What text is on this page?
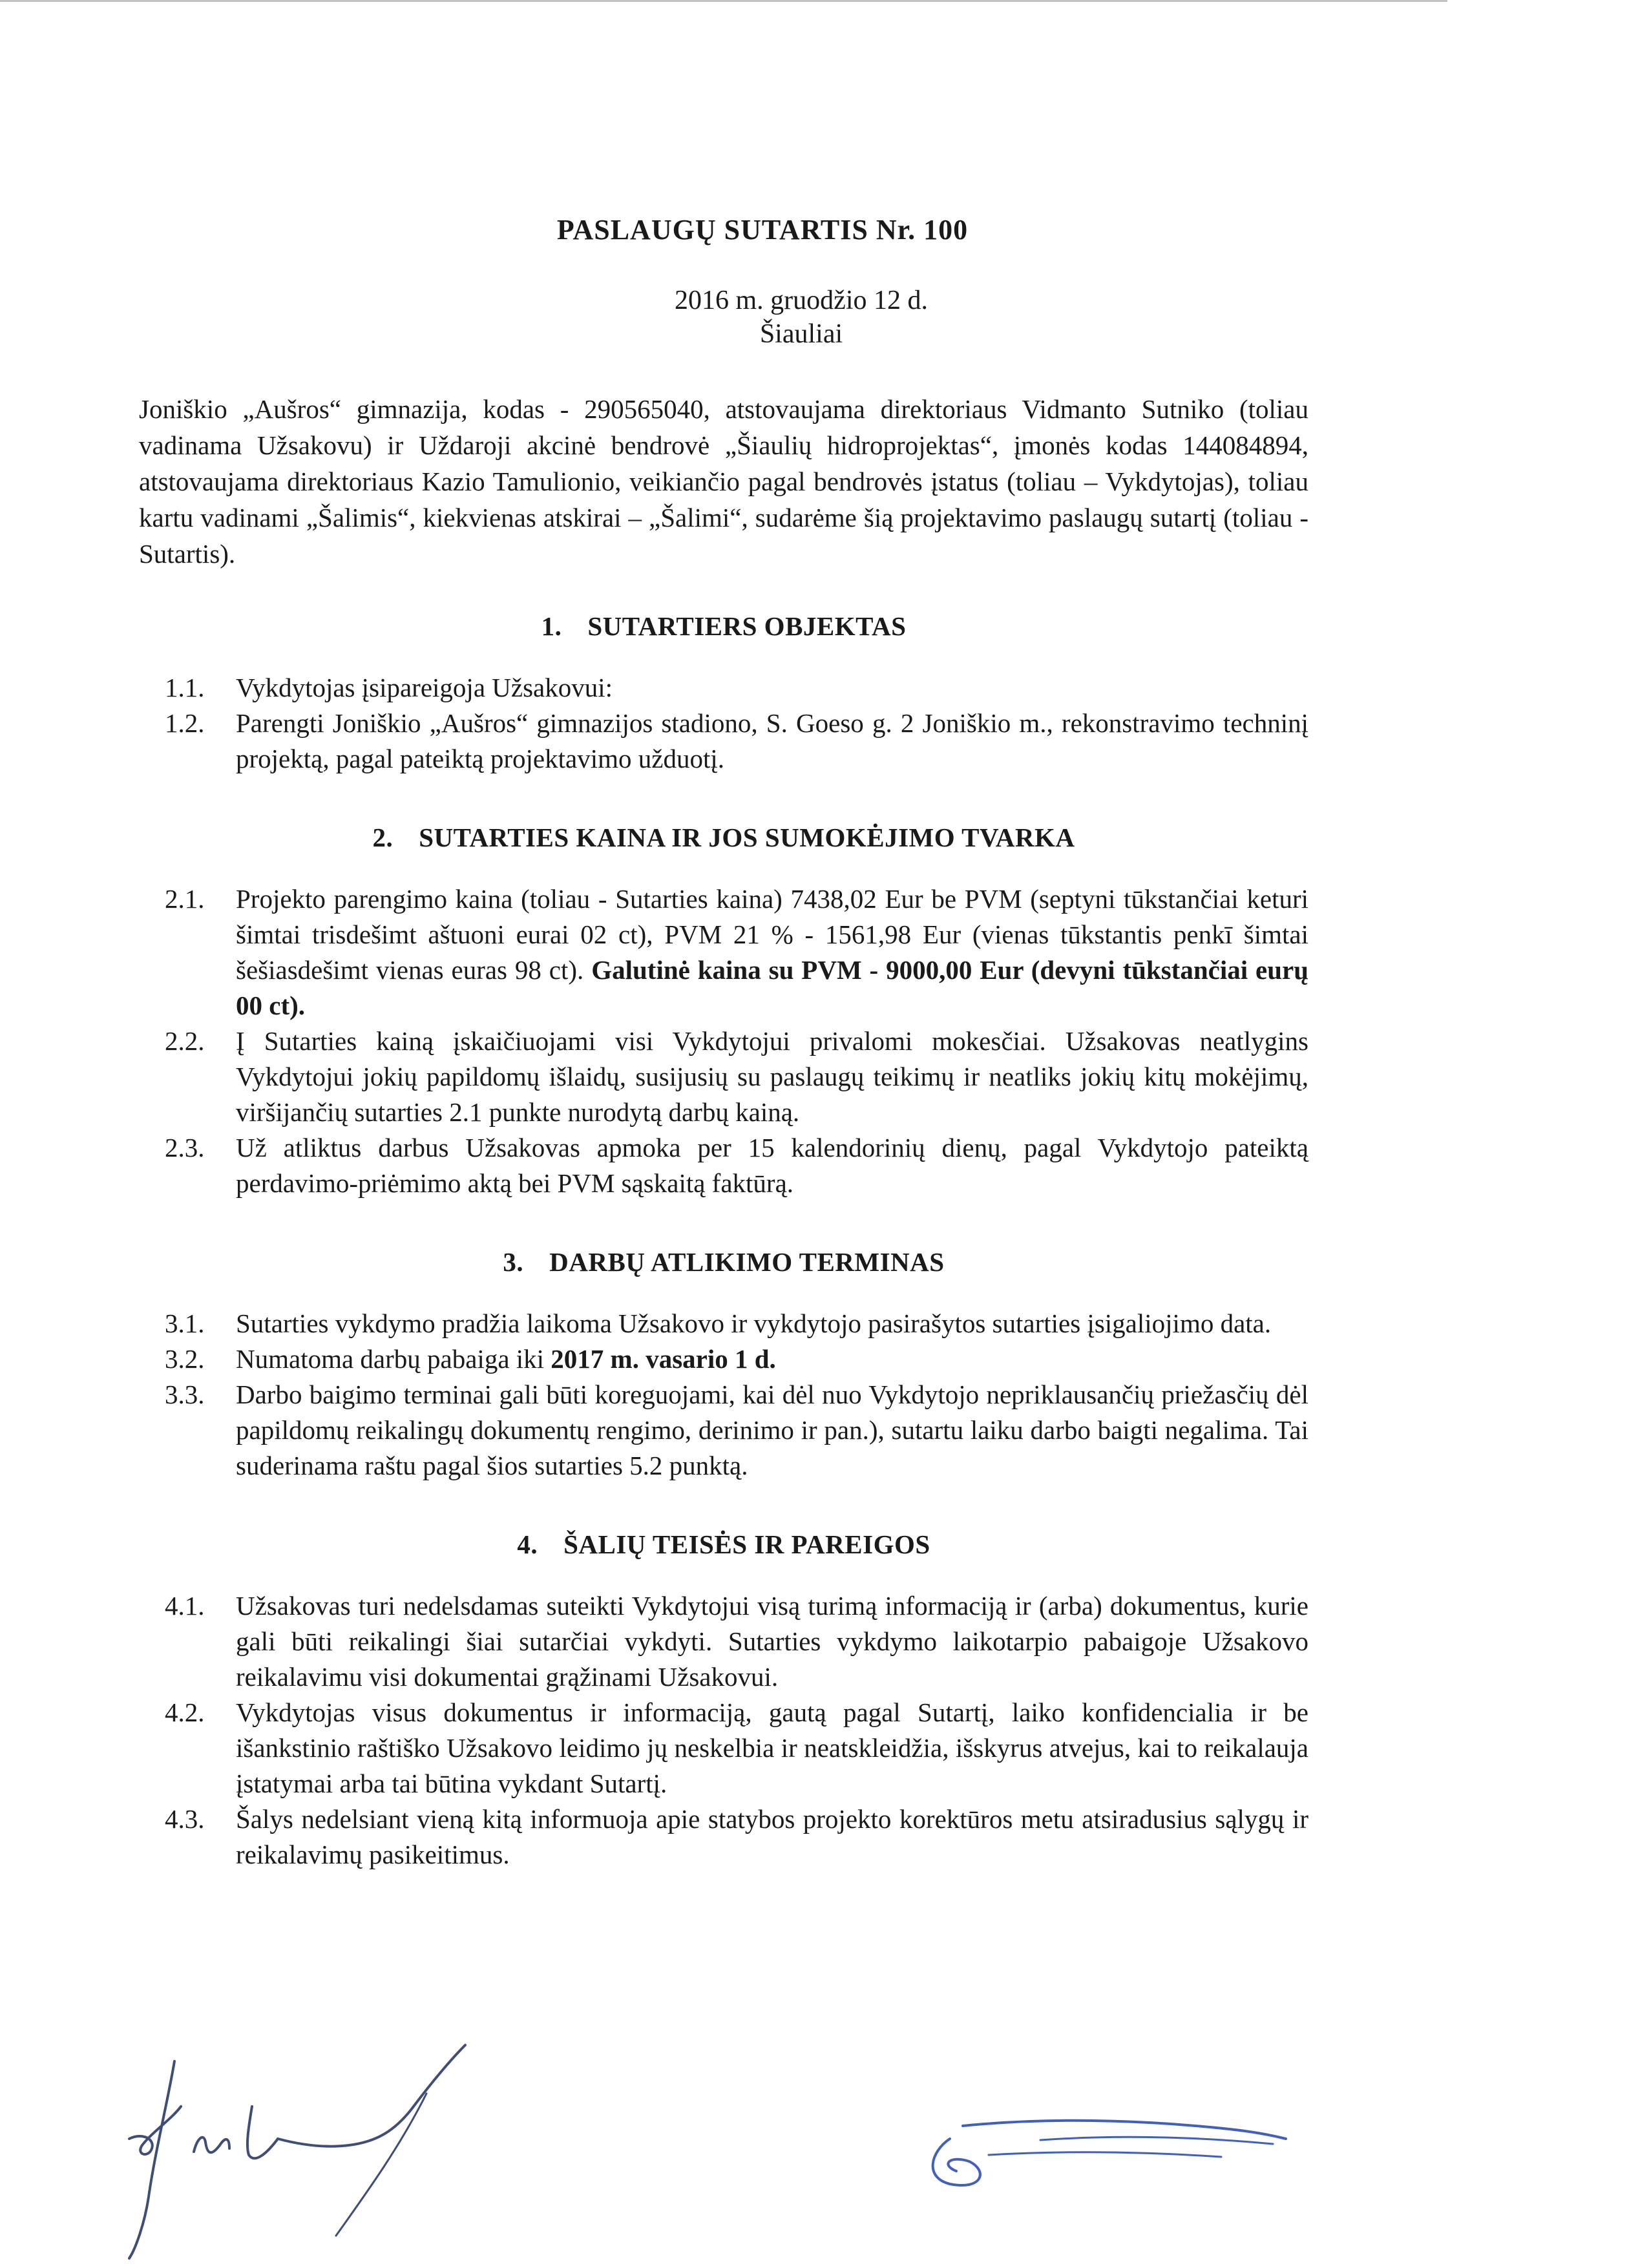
PASLAUGŲ SUTARTIS Nr. 100
2016 m. gruodžio 12 d.
Šiauliai

Joniškio „Aušros“ gimnazija, kodas - 290565040, atstovaujama direktoriaus Vidmanto Sutniko (toliau vadinama Užsakovu) ir Uždaroji akcinė bendrovė „Šiaulių hidroprojektas“, įmonės kodas 144084894, atstovaujama direktoriaus Kazio Tamulionio, veikiančio pagal bendrovės įstatus (toliau – Vykdytojas), toliau kartu vadinami „Šalimis“, kiekvienas atskirai – „Šalimi“, sudarėme šią projektavimo paslaugų sutartį (toliau -Sutartis).

1. SUTARTIERS OBJEKTAS
1.1.	Vykdytojas įsipareigoja Užsakovui:
1.2.	Parengti Joniškio „Aušros“ gimnazijos stadiono, S. Goeso g. 2 Joniškio m., rekonstravimo techninį projektą, pagal pateiktą projektavimo užduotį.
2. SUTARTIES KAINA IR JOS SUMOKĖJIMO TVARKA
2.1.	Projekto parengimo kaina (toliau - Sutarties kaina) 7438,02 Eur be PVM (septyni tūkstančiai keturi šimtai trisdešimt aštuoni eurai 02 ct), PVM 21 % - 1561,98 Eur (vienas tūkstantis penkī šimtai šešiasdešimt vienas euras 98 ct). Galutinė kaina su PVM - 9000,00 Eur (devyni tūkstančiai eurų 00 ct).
2.2.	Į Sutarties kainą įskaičiuojami visi Vykdytojui privalomi mokesčiai. Užsakovas neatlygins Vykdytojui jokių papildomų išlaidų, susijusių su paslaugų teikimų ir neatliks jokių kitų mokėjimų, viršijančių sutarties 2.1 punkte nurodytą darbų kainą.
2.3.	Už atliktus darbus Užsakovas apmoka per 15 kalendorinių dienų, pagal Vykdytojo pateiktą perdavimo-priėmimo aktą bei PVM sąskaitą faktūrą.
3. DARBŲ ATLIKIMO TERMINAS
3.1.	Sutarties vykdymo pradžia laikoma Užsakovo ir vykdytojo pasirašytos sutarties įsigaliojimo data.
3.2.	Numatoma darbų pabaiga iki 2017 m. vasario 1 d.
3.3.	Darbo baigimo terminai gali būti koreguojami, kai dėl nuo Vykdytojo nepriklausančių priežasčių dėl papildomų reikalingų dokumentų rengimo, derinimo ir pan.), sutartu laiku darbo baigti negalima. Tai suderinama raštu pagal šios sutarties 5.2 punktą.
4. ŠALIŲ TEISĖS IR PAREIGOS
4.1.	Užsakovas turi nedelsdamas suteikti Vykdytojui visą turimą informaciją ir (arba) dokumentus, kurie gali būti reikalingi šiai sutarčiai vykdyti. Sutarties vykdymo laikotarpio pabaigoje Užsakovo reikalavimu visi dokumentai grąžinami Užsakovui.
4.2.	Vykdytojas visus dokumentus ir informaciją, gautą pagal Sutartį, laiko konfidencialia ir be išankstinio raštiško Užsakovo leidimo jų neskelbia ir neatskleidžia, išskyrus atvejus, kai to reikalauja įstatymai arba tai būtina vykdant Sutartį.
4.3.	Šalys nedelsiant vieną kitą informuoja apie statybos projekto korektūros metu atsiradusius sąlygų ir reikalavimų pasikeitimus.
